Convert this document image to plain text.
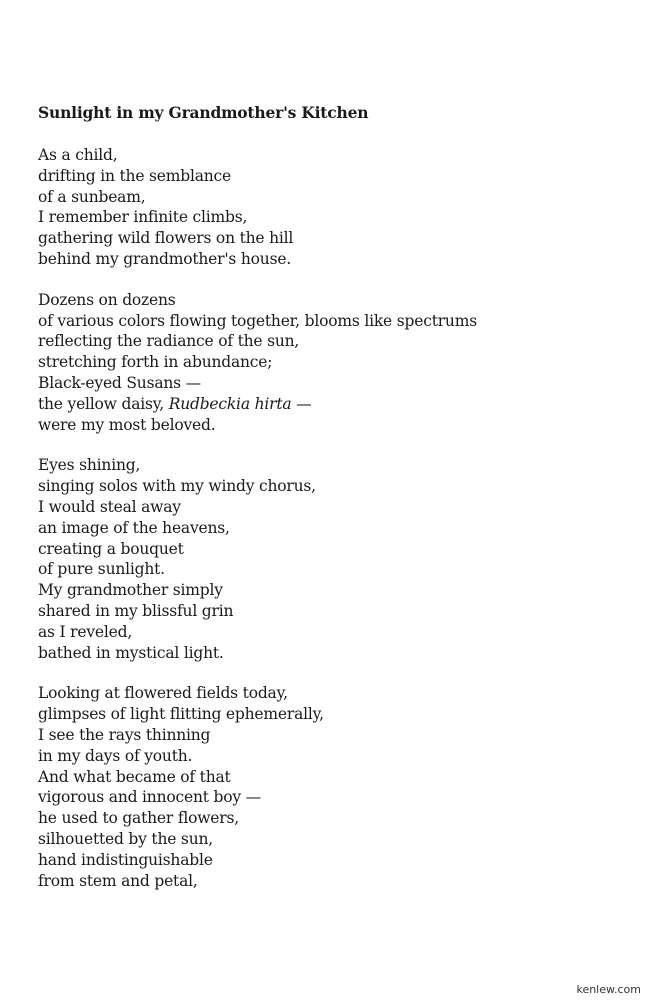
Sunlight in my Grandmother's Kitchen
As a child,
drifting in the semblance
of a sunbeam,
I remember infinite climbs,
gathering wild flowers on the hill
behind my grandmother's house.
Dozens on dozens
of various colors flowing together, blooms like spectrums
reflecting the radiance of the sun,
stretching forth in abundance;
Black-eyed Susans —
the yellow daisy, Rudbeckia hirta —
were my most beloved.
Eyes shining,
singing solos with my windy chorus,
I would steal away
an image of the heavens,
creating a bouquet
of pure sunlight.
My grandmother simply
shared in my blissful grin
as I reveled,
bathed in mystical light.
Looking at flowered fields today,
glimpses of light flitting ephemerally,
I see the rays thinning
in my days of youth.
And what became of that
vigorous and innocent boy —
he used to gather flowers,
silhouetted by the sun,
hand indistinguishable
from stem and petal,
kenlew.com
